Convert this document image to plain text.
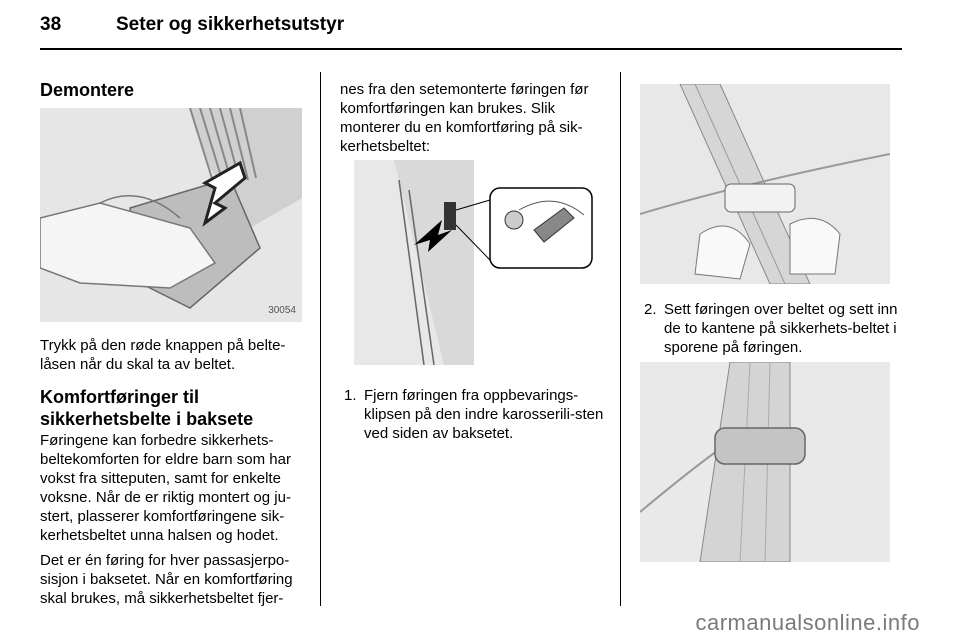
38	Seter og sikkerhetsutstyr
Demontere
30054

Trykk på den røde knappen på belte-låsen når du skal ta av beltet.

Komfortføringer til
sikkerhetsbelte i baksete

Føringene kan forbedre sikkerhets-beltekomforten for eldre barn som har vokst fra sitteputen, samt for enkelte voksne. Når de er riktig montert og ju-stert, plasserer komfortføringene sik-kerhetsbeltet unna halsen og hodet.

Det er én føring for hver passasjerpo-sisjon i baksetet. Når en komfortføring skal brukes, må sikkerhetsbeltet fjer-

nes fra den setemonterte føringen før komfortføringen kan brukes. Slik monterer du en komfortføring på sik-kerhetsbeltet:

1. Fjern føringen fra oppbevarings-klipsen på den indre karosserili-sten ved siden av baksetet.
2. Sett føringen over beltet og sett inn de to kantene på sikkerhets-beltet i sporene på føringen.
carmanualsonline.info
